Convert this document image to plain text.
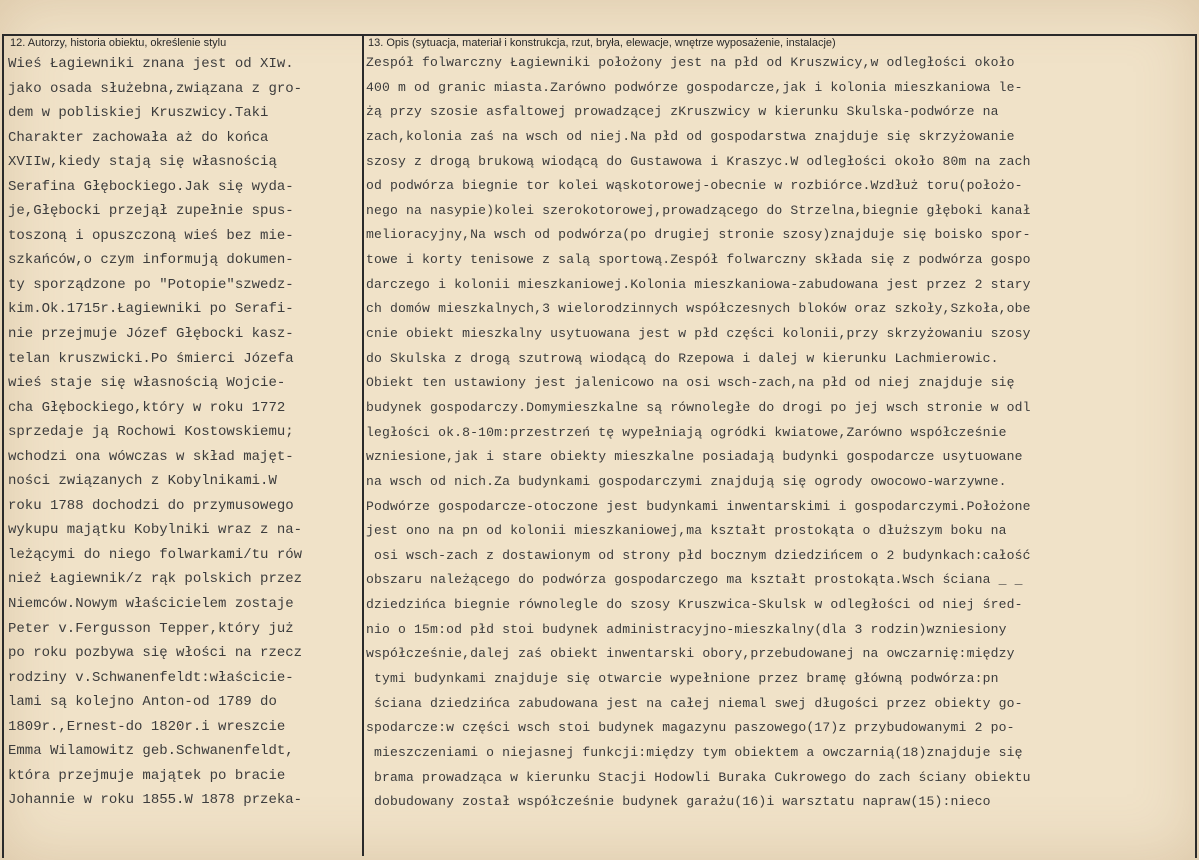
12. Autorzy, historia obiektu, określenie stylu	13. Opis (sytuacja, materiał i konstrukcja, rzut, bryła, elewacje, wnętrze wyposażenie, instalacje)
Wieś Łagiewniki znana jest od XIw.
jako osada służebna,związana z gro-
dem w pobliskiej Kruszwicy.Taki
Charakter zachowała aż do końca
XVIIw,kiedy stają się własnością
Serafina Głębockiego.Jak się wyda-
je,Głębocki przejął zupełnie spus-
toszoną i opuszczoną wieś bez mie-
szkańców,o czym informują dokumen-
ty sporządzone po "Potopie"szwedz-
kim.Ok.1715r.Łagiewniki po Serafi-
nie przejmuje Józef Głębocki kasz-
telan kruszwicki.Po śmierci Józefa
wieś staje się własnością Wojcie-
cha Głębockiego,który w roku 1772
sprzedaje ją Rochowi Kostowskiemu;
wchodzi ona wówczas w skład majęt-
ności związanych z Kobylnikami.W
roku 1788 dochodzi do przymusowego
wykupu majątku Kobylniki wraz z na-
leżącymi do niego folwarkami/tu rów
nież Łagiewnik/z rąk polskich przez
Niemców.Nowym właścicielem zostaje
Peter v.Fergusson Tepper,który już
po roku pozbywa się włości na rzecz
rodziny v.Schwanenfeldt:właścicie-
lami są kolejno Anton-od 1789 do
1809r.,Ernest-do 1820r.i wreszcie
Emma Wilamowitz geb.Schwanenfeldt,
która przejmuje majątek po bracie
Johannie w roku 1855.W 1878 przeka-
Zespół folwarczny Łagiewniki położony jest na płd od Kruszwicy,w odległości około
400 m od granic miasta.Zarówno podwórze gospodarcze,jak i kolonia mieszkaniowa le-
żą przy szosie asfaltowej prowadzącej zKruszwicy w kierunku Skulska-podwórze na
zach,kolonia zaś na wsch od niej.Na płd od gospodarstwa znajduje się skrzyżowanie
szosy z drogą brukową wiodącą do Gustawowa i Kraszyc.W odległości około 80m na zach
od podwórza biegnie tor kolei wąskotorowej-obecnie w rozbiórce.Wzdłuż toru(położo-
nego na nasypie)kolei szerokotorowej,prowadzącego do Strzelna,biegnie głęboki kanał
melioracyjny,Na wsch od podwórza(po drugiej stronie szosy)znajduje się boisko spor-
towe i korty tenisowe z salą sportową.Zespół folwarczny składa się z podwórza gospo
darczego i kolonii mieszkaniowej.Kolonia mieszkaniowa-zabudowana jest przez 2 stary
ch domów mieszkalnych,3 wielorodzinnych współczesnych bloków oraz szkoły,Szkoła,obe
cnie obiekt mieszkalny usytuowana jest w płd części kolonii,przy skrzyżowaniu szosy
do Skulska z drogą szutrową wiodącą do Rzepowa i dalej w kierunku Lachmierowic.
Obiekt ten ustawiony jest jalenicowo na osi wsch-zach,na płd od niej znajduje się
budynek gospodarczy.Domymieszkalne są równoległe do drogi po jej wsch stronie w odl
ległości ok.8-10m:przestrzeń tę wypełniają ogródki kwiatowe,Zarówno współcześnie
wzniesione,jak i stare obiekty mieszkalne posiadają budynki gospodarcze usytuowane
na wsch od nich.Za budynkami gospodarczymi znajdują się ogrody owocowo-warzywne.
Podwórze gospodarcze-otoczone jest budynkami inwentarskimi i gospodarczymi.Położone
jest ono na pn od kolonii mieszkaniowej,ma kształt prostokąta o dłuższym boku na
osi wsch-zach z dostawionym od strony płd bocznym dziedzińcem o 2 budynkach:całość
obszaru należącego do podwórza gospodarczego ma kształt prostokąta.Wsch ściana _ _
dziedzińca biegnie równolegle do szosy Kruszwica-Skulsk w odległości od niej śred-
nio o 15m:od płd stoi budynek administracyjno-mieszkalny(dla 3 rodzin)wzniesiony
współcześnie,dalej zaś obiekt inwentarski obory,przebudowanej na owczarnię:między
tymi budynkami znajduje się otwarcie wypełnione przez bramę główną podwórza:pn
ściana dziedzińca zabudowana jest na całej niemal swej długości przez obiekty go-
spodarcze:w części wsch stoi budynek magazynu paszowego(17)z przybudowanymi 2 po-
mieszczeniami o niejasnej funkcji:między tym obiektem a owczarnią(18)znajduje się
brama prowadząca w kierunku Stacji Hodowli Buraka Cukrowego do zach ściany obiektu
dobudowany został współcześnie budynek garażu(16)i warsztatu napraw(15):nieco
